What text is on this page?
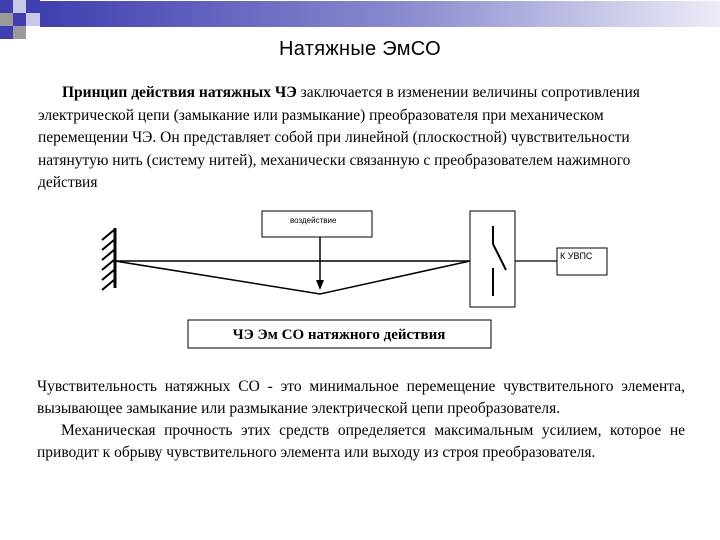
Натяжные ЭмСО

Принцип действия натяжных ЧЭ заключается в изменении величины сопротивления электрической цепи (замыкание или размыкание) преобразователя при механическом перемещении ЧЭ. Он представляет собой при линейной (плоскостной) чувствительности натянутую нить (систему нитей), механически связанную с преобразователем нажимного действия

воздействие
К УВПС
ЧЭ Эм СО натяжного действия

Чувствительность натяжных СО - это минимальное перемещение чувствительного элемента, вызывающее замыкание или размыкание электрической цепи преобразователя.

Механическая прочность этих средств определяется максимальным усилием, которое не приводит к обрыву чувствительного элемента или выходу из строя преобразователя.
